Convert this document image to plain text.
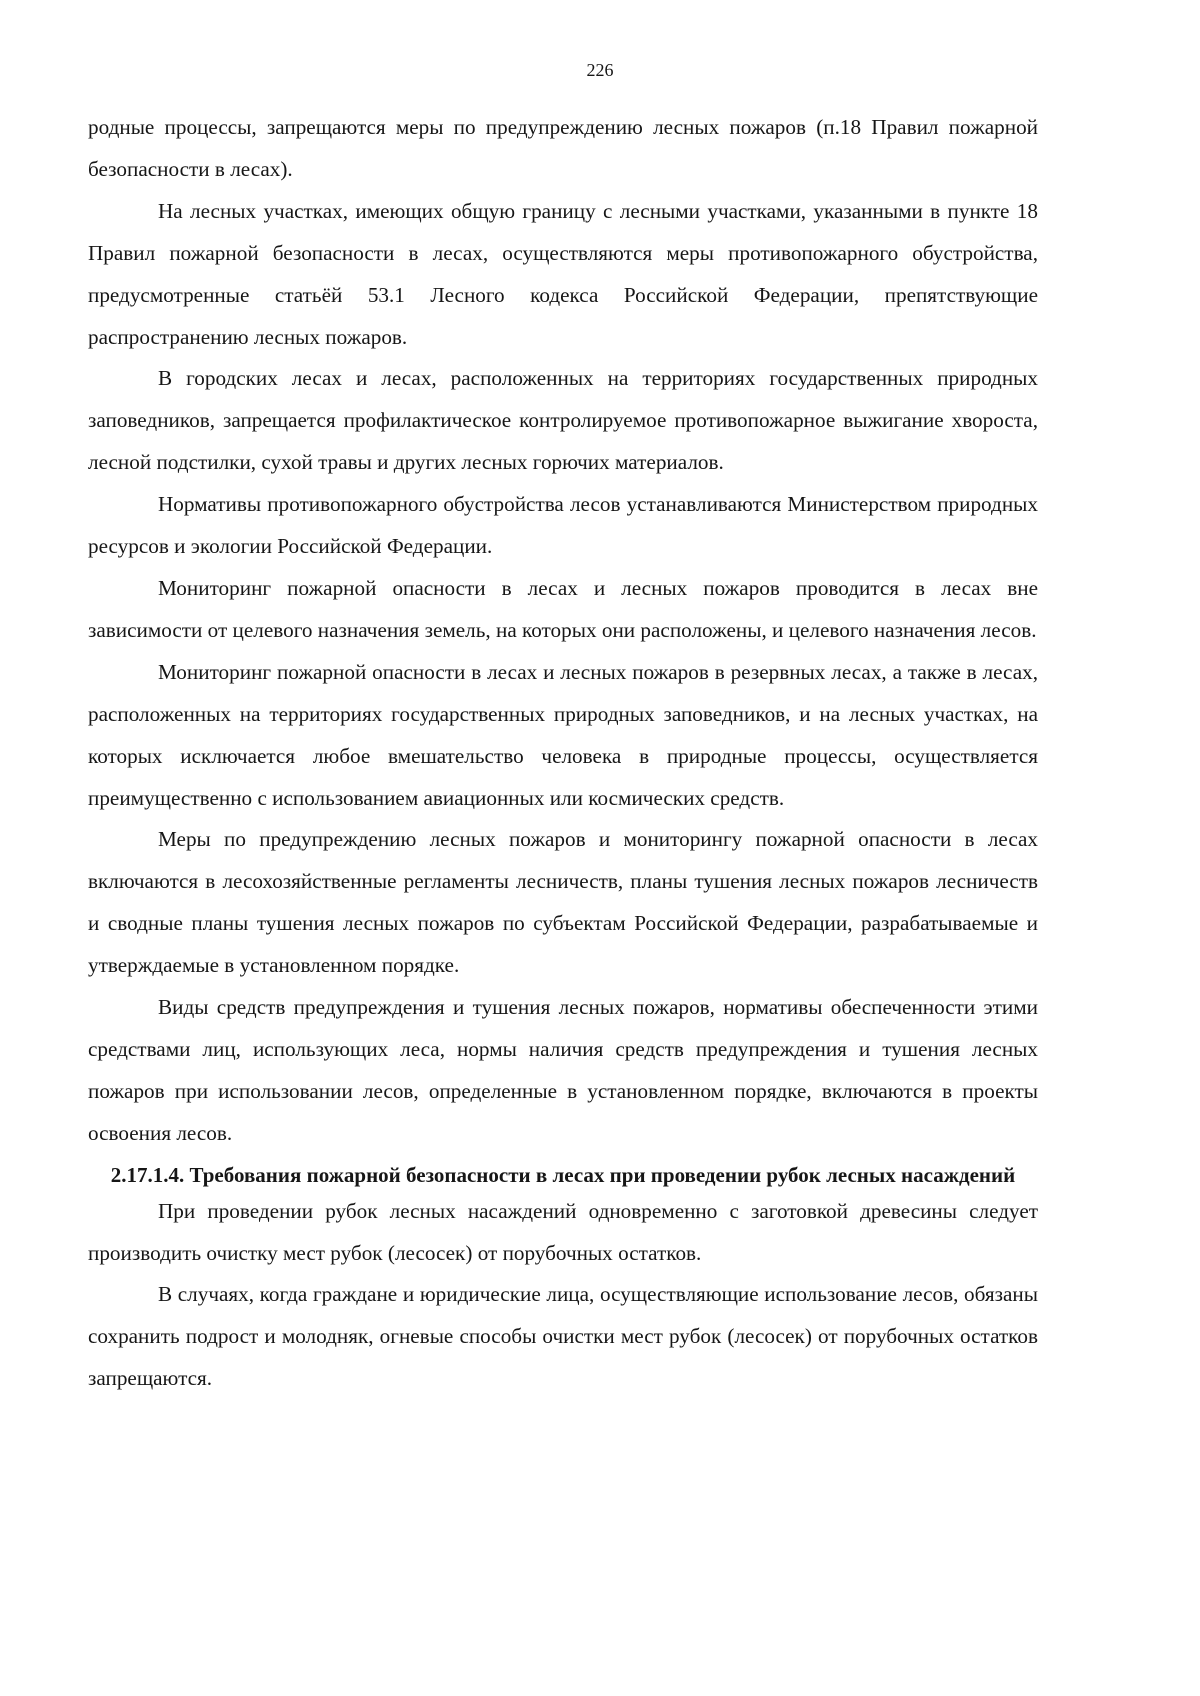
226

родные процессы, запрещаются меры по предупреждению лесных пожаров (п.18 Правил пожарной безопасности в лесах).

На лесных участках, имеющих общую границу с лесными участками, указанными в пункте 18 Правил пожарной безопасности в лесах, осуществляются меры противопожарного обустройства, предусмотренные статьёй 53.1 Лесного кодекса Российской Федерации, препятствующие распространению лесных пожаров.

В городских лесах и лесах, расположенных на территориях государственных природных заповедников, запрещается профилактическое контролируемое противопожарное выжигание хвороста, лесной подстилки, сухой травы и других лесных горючих материалов.

Нормативы противопожарного обустройства лесов устанавливаются Министерством природных ресурсов и экологии Российской Федерации.

Мониторинг пожарной опасности в лесах и лесных пожаров проводится в лесах вне зависимости от целевого назначения земель, на которых они расположены, и целевого назначения лесов.

Мониторинг пожарной опасности в лесах и лесных пожаров в резервных лесах, а также в лесах, расположенных на территориях государственных природных заповедников, и на лесных участках, на которых исключается любое вмешательство человека в природные процессы, осуществляется преимущественно с использованием авиационных или космических средств.

Меры по предупреждению лесных пожаров и мониторингу пожарной опасности в лесах включаются в лесохозяйственные регламенты лесничеств, планы тушения лесных пожаров лесничеств и сводные планы тушения лесных пожаров по субъектам Российской Федерации, разрабатываемые и утверждаемые в установленном порядке.

Виды средств предупреждения и тушения лесных пожаров, нормативы обеспеченности этими средствами лиц, использующих леса, нормы наличия средств предупреждения и тушения лесных пожаров при использовании лесов, определенные в установленном порядке, включаются в проекты освоения лесов.

2.17.1.4. Требования пожарной безопасности в лесах при проведении рубок лесных насаждений

При проведении рубок лесных насаждений одновременно с заготовкой древесины следует производить очистку мест рубок (лесосек) от порубочных остатков.

В случаях, когда граждане и юридические лица, осуществляющие использование лесов, обязаны сохранить подрост и молодняк, огневые способы очистки мест рубок (лесосек) от порубочных остатков запрещаются.
